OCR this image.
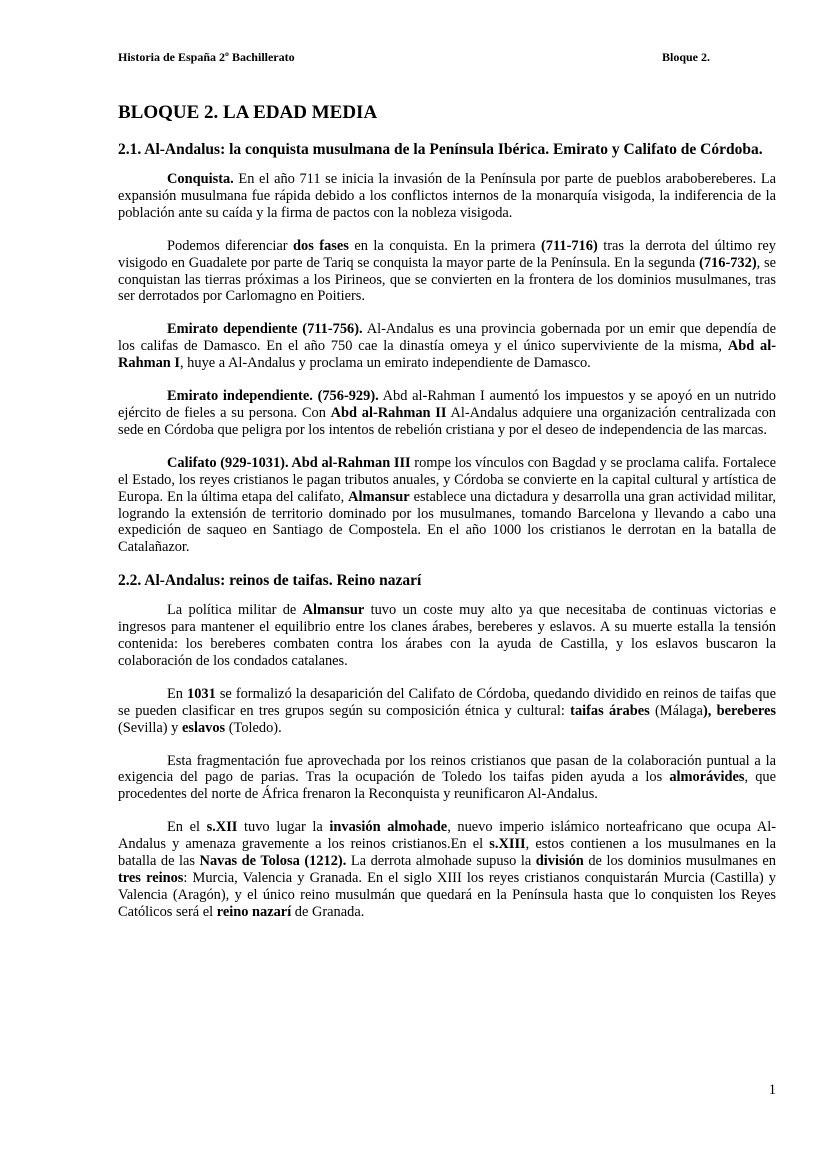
Historia de España 2º Bachillerato	Bloque 2.
BLOQUE 2. LA EDAD MEDIA
2.1. Al-Andalus: la conquista musulmana de la Península Ibérica. Emirato y Califato de Córdoba.

Conquista. En el año 711 se inicia la invasión de la Península por parte de pueblos arabobereberes. La expansión musulmana fue rápida debido a los conflictos internos de la monarquía visigoda, la indiferencia de la población ante su caída y la firma de pactos con la nobleza visigoda.

Podemos diferenciar dos fases en la conquista. En la primera (711-716) tras la derrota del último rey visigodo en Guadalete por parte de Tariq se conquista la mayor parte de la Península. En la segunda (716-732), se conquistan las tierras próximas a los Pirineos, que se convierten en la frontera de los dominios musulmanes, tras ser derrotados por Carlomagno en Poitiers.

Emirato dependiente (711-756). Al-Andalus es una provincia gobernada por un emir que dependía de los califas de Damasco. En el año 750 cae la dinastía omeya y el único superviviente de la misma, Abd al-Rahman I, huye a Al-Andalus y proclama un emirato independiente de Damasco.

Emirato independiente. (756-929). Abd al-Rahman I aumentó los impuestos y se apoyó en un nutrido ejército de fieles a su persona. Con Abd al-Rahman II Al-Andalus adquiere una organización centralizada con sede en Córdoba que peligra por los intentos de rebelión cristiana y por el deseo de independencia de las marcas.

Califato (929-1031). Abd al-Rahman III rompe los vínculos con Bagdad y se proclama califa. Fortalece el Estado, los reyes cristianos le pagan tributos anuales, y Córdoba se convierte en la capital cultural y artística de Europa. En la última etapa del califato, Almansur establece una dictadura y desarrolla una gran actividad militar, logrando la extensión de territorio dominado por los musulmanes, tomando Barcelona y llevando a cabo una expedición de saqueo en Santiago de Compostela. En el año 1000 los cristianos le derrotan en la batalla de Catalañazor.

2.2. Al-Andalus: reinos de taifas. Reino nazarí

La política militar de Almansur tuvo un coste muy alto ya que necesitaba de continuas victorias e ingresos para mantener el equilibrio entre los clanes árabes, bereberes y eslavos. A su muerte estalla la tensión contenida: los bereberes combaten contra los árabes con la ayuda de Castilla, y los eslavos buscaron la colaboración de los condados catalanes.

En 1031 se formalizó la desaparición del Califato de Córdoba, quedando dividido en reinos de taifas que se pueden clasificar en tres grupos según su composición étnica y cultural: taifas árabes (Málaga), bereberes (Sevilla) y eslavos (Toledo).

Esta fragmentación fue aprovechada por los reinos cristianos que pasan de la colaboración puntual a la exigencia del pago de parias. Tras la ocupación de Toledo los taifas piden ayuda a los almorávides, que procedentes del norte de África frenaron la Reconquista y reunificaron Al-Andalus.

En el s.XII tuvo lugar la invasión almohade, nuevo imperio islámico norteafricano que ocupa Al-Andalus y amenaza gravemente a los reinos cristianos.En el s.XIII, estos contienen a los musulmanes en la batalla de las Navas de Tolosa (1212). La derrota almohade supuso la división de los dominios musulmanes en tres reinos: Murcia, Valencia y Granada. En el siglo XIII los reyes cristianos conquistarán Murcia (Castilla) y Valencia (Aragón), y el único reino musulmán que quedará en la Península hasta que lo conquisten los Reyes Católicos será el reino nazarí de Granada.

1
